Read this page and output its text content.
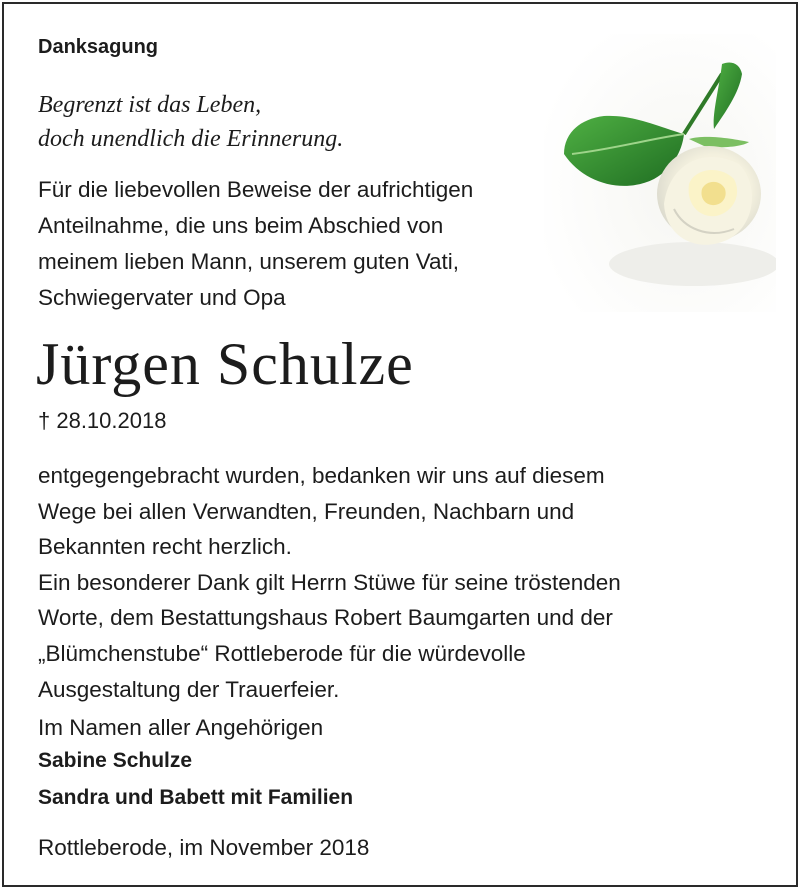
Danksagung
Begrenzt ist das Leben,
doch unendlich die Erinnerung.
Für die liebevollen Beweise der aufrichtigen
Anteilnahme, die uns beim Abschied von
meinem lieben Mann, unserem guten Vati,
Schwiegervater und Opa
Jürgen Schulze
† 28.10.2018
entgegengebracht wurden, bedanken wir uns auf diesem
Wege bei allen Verwandten, Freunden, Nachbarn und
Bekannten recht herzlich.
Ein besonderer Dank gilt Herrn Stüwe für seine tröstenden
Worte, dem Bestattungshaus Robert Baumgarten und der
„Blümchenstube“ Rottleberode für die würdevolle
Ausgestaltung der Trauerfeier.
Im Namen aller Angehörigen
Sabine Schulze
Sandra und Babett mit Familien
Rottleberode, im November 2018
